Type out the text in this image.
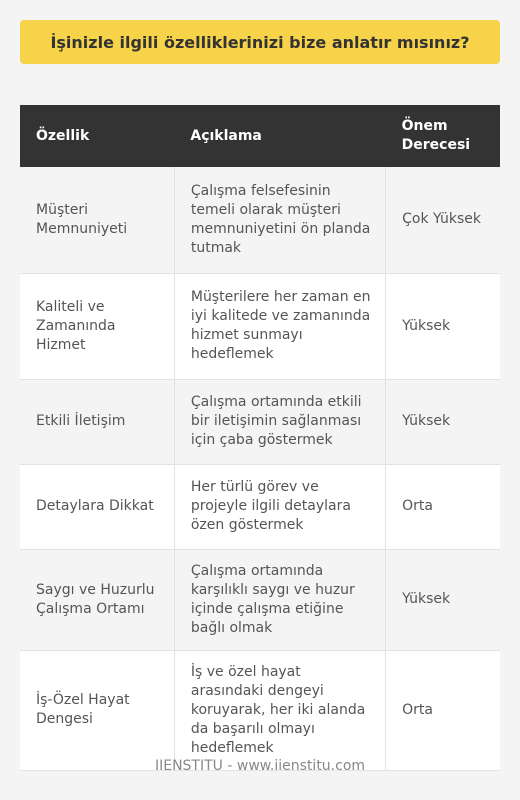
İşinizle ilgili özelliklerinizi bize anlatır mısınız?
Özellik	Açıklama	Önem Derecesi
Müşteri Memnuniyeti	Çalışma felsefesinin temeli olarak müşteri memnuniyetini ön planda tutmak	Çok Yüksek
Kaliteli ve Zamanında Hizmet	Müşterilere her zaman en iyi kalitede ve zamanında hizmet sunmayı hedeflemek	Yüksek
Etkili İletişim	Çalışma ortamında etkili bir iletişimin sağlanması için çaba göstermek	Yüksek
Detaylara Dikkat	Her türlü görev ve projeyle ilgili detaylara özen göstermek	Orta
Saygı ve Huzurlu Çalışma Ortamı	Çalışma ortamında karşılıklı saygı ve huzur içinde çalışma etiğine bağlı olmak	Yüksek
İş-Özel Hayat Dengesi	İş ve özel hayat arasındaki dengeyi koruyarak, her iki alanda da başarılı olmayı hedeflemek	Orta
IIENSTITU - www.iienstitu.com
